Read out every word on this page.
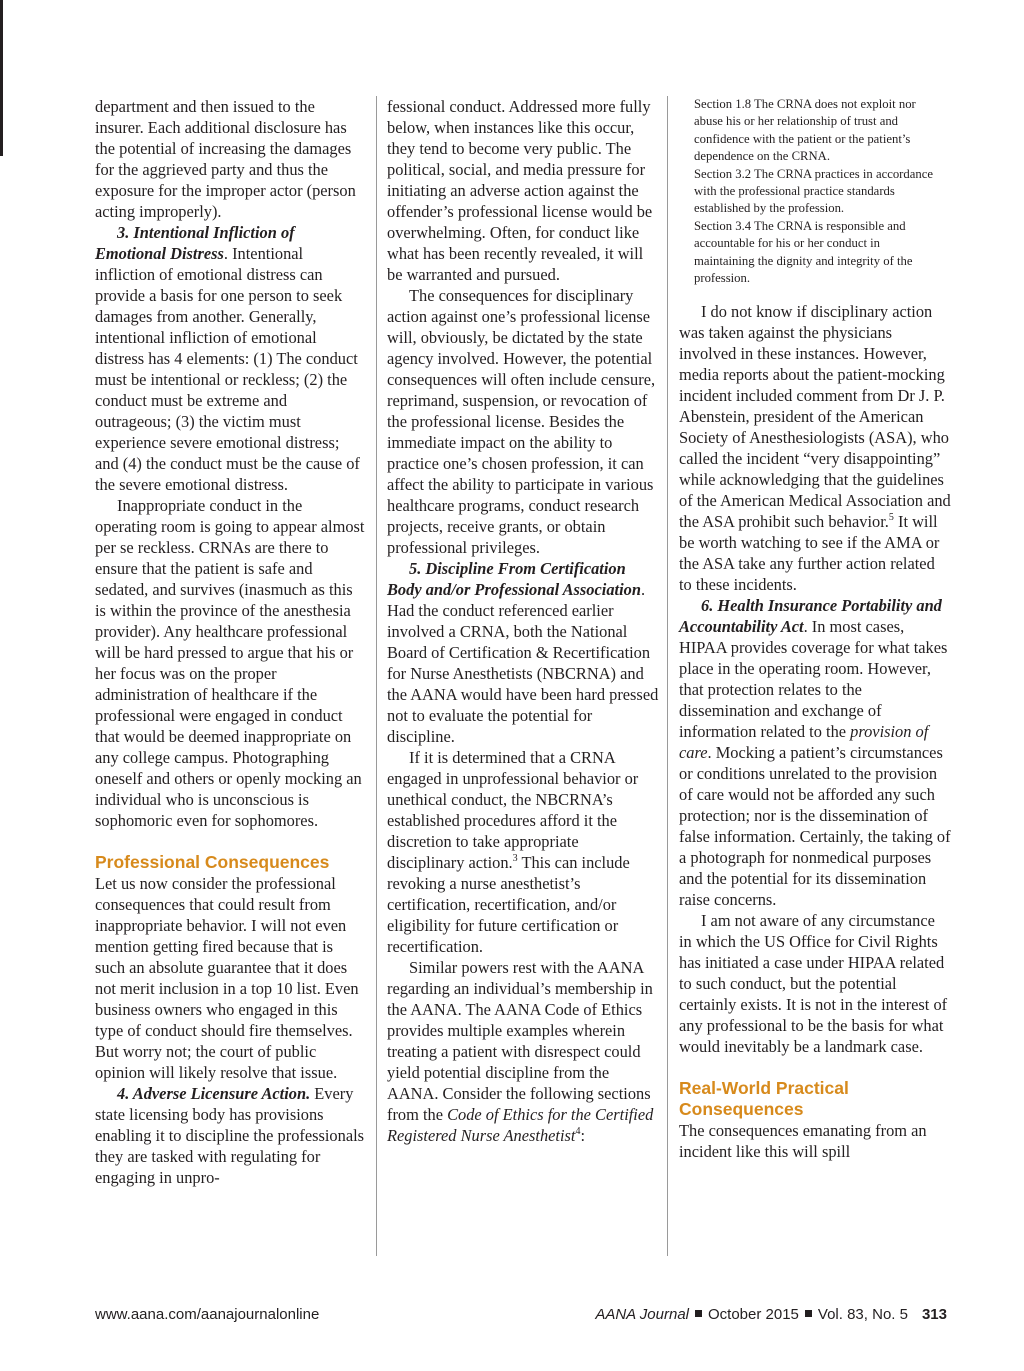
department and then issued to the insurer. Each additional disclosure has the potential of increasing the damages for the aggrieved party and thus the exposure for the improper actor (person acting improperly).

3. Intentional Infliction of Emotional Distress. Intentional infliction of emotional distress can provide a basis for one person to seek damages from another. Generally, intentional infliction of emotional distress has 4 elements: (1) The conduct must be intentional or reckless; (2) the conduct must be extreme and outrageous; (3) the victim must experience severe emotional distress; and (4) the conduct must be the cause of the severe emotional distress.

Inappropriate conduct in the operating room is going to appear almost per se reckless. CRNAs are there to ensure that the patient is safe and sedated, and survives (inasmuch as this is within the province of the anesthesia provider). Any healthcare professional will be hard pressed to argue that his or her focus was on the proper administration of healthcare if the professional were engaged in conduct that would be deemed inappropriate on any college campus. Photographing oneself and others or openly mocking an individual who is unconscious is sophomoric even for sophomores.

Professional Consequences

Let us now consider the professional consequences that could result from inappropriate behavior. I will not even mention getting fired because that is such an absolute guarantee that it does not merit inclusion in a top 10 list. Even business owners who engaged in this type of conduct should fire themselves. But worry not; the court of public opinion will likely resolve that issue.

4. Adverse Licensure Action. Every state licensing body has provisions enabling it to discipline the professionals they are tasked with regulating for engaging in unpro-

fessional conduct. Addressed more fully below, when instances like this occur, they tend to become very public. The political, social, and media pressure for initiating an adverse action against the offender’s professional license would be overwhelming. Often, for conduct like what has been recently revealed, it will be warranted and pursued.

The consequences for disciplinary action against one’s professional license will, obviously, be dictated by the state agency involved. However, the potential consequences will often include censure, reprimand, suspension, or revocation of the professional license. Besides the immediate impact on the ability to practice one’s chosen profession, it can affect the ability to participate in various healthcare programs, conduct research projects, receive grants, or obtain professional privileges.

5. Discipline From Certification Body and/or Professional Association. Had the conduct referenced earlier involved a CRNA, both the National Board of Certification & Recertification for Nurse Anesthetists (NBCRNA) and the AANA would have been hard pressed not to evaluate the potential for discipline.

If it is determined that a CRNA engaged in unprofessional behavior or unethical conduct, the NBCRNA’s established procedures afford it the discretion to take appropriate disciplinary action.$^3$ This can include revoking a nurse anesthetist’s certification, recertification, and/or eligibility for future certification or recertification.

Similar powers rest with the AANA regarding an individual’s membership in the AANA. The AANA Code of Ethics provides multiple examples wherein treating a patient with disrespect could yield potential discipline from the AANA. Consider the following sections from the Code of Ethics for the Certified Registered Nurse Anesthetist$^4$:

Section 1.8 The CRNA does not exploit nor abuse his or her relationship of trust and confidence with the patient or the patient’s dependence on the CRNA.

Section 3.2 The CRNA practices in accordance with the professional practice standards established by the profession.

Section 3.4 The CRNA is responsible and accountable for his or her conduct in maintaining the dignity and integrity of the profession.

I do not know if disciplinary action was taken against the physicians involved in these instances. However, media reports about the patient-mocking incident included comment from Dr J. P. Abenstein, president of the American Society of Anesthesiologists (ASA), who called the incident “very disappointing” while acknowledging that the guidelines of the American Medical Association and the ASA prohibit such behavior.$^5$ It will be worth watching to see if the AMA or the ASA take any further action related to these incidents.

6. Health Insurance Portability and Accountability Act. In most cases, HIPAA provides coverage for what takes place in the operating room. However, that protection relates to the dissemination and exchange of information related to the provision of care. Mocking a patient’s circumstances or conditions unrelated to the provision of care would not be afforded any such protection; nor is the dissemination of false information. Certainly, the taking of a photograph for nonmedical purposes and the potential for its dissemination raise concerns.

I am not aware of any circumstance in which the US Office for Civil Rights has initiated a case under HIPAA related to such conduct, but the potential certainly exists. It is not in the interest of any professional to be the basis for what would inevitably be a landmark case.

Real-World Practical Consequences

The consequences emanating from an incident like this will spill

www.aana.com/aanajournalonline	AANA Journal October 2015 Vol. 83, No. 5 313
